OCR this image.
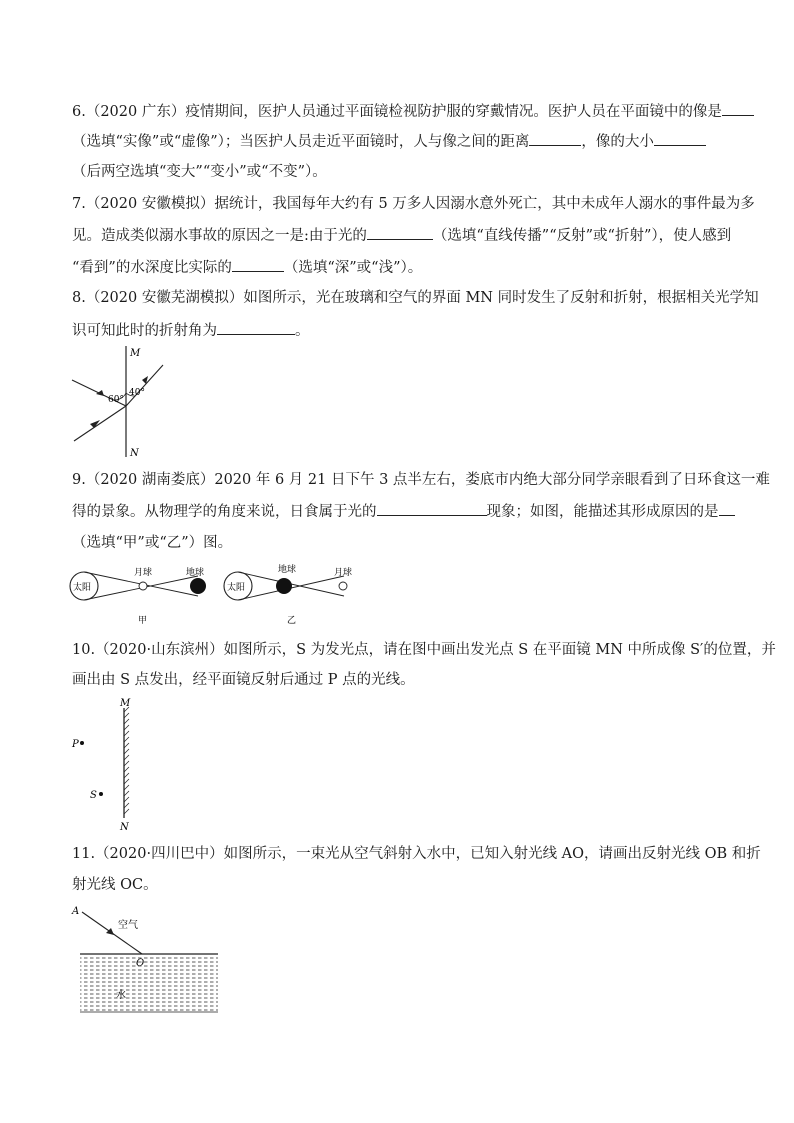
6.（2020 广东）疫情期间，医护人员通过平面镜检视防护服的穿戴情况。医护人员在平面镜中的像是
（选填“实像”或“虚像”）；当医护人员走近平面镜时，人与像之间的距离	，像的大小
（后两空选填“变大”“变小”或“不变”）。
7.（2020 安徽模拟）据统计，我国每年大约有 5 万多人因溺水意外死亡，其中未成年人溺水的事件最为多
见。造成类似溺水事故的原因之一是:由于光的	（选填“直线传播”“反射”或“折射”），使人感到
“看到”的水深度比实际的	（选填“深”或“浅”）。
8.（2020 安徽芜湖模拟）如图所示，光在玻璃和空气的界面 MN 同时发生了反射和折射，根据相关光学知
识可知此时的折射角为	。
M
N
60°
40°
9.（2020 湖南娄底）2020 年 6 月 21 日下午 3 点半左右，娄底市内绝大部分同学亲眼看到了日环食这一难
得的景象。从物理学的角度来说，日食属于光的	现象；如图，能描述其形成原因的是
（选填“甲”或“乙”）图。
太阳
月球	地球
甲
太阳
地球	月球
乙
10.（2020·山东滨州）如图所示，S 为发光点，请在图中画出发光点 S 在平面镜 MN 中所成像 S′的位置，并
画出由 S 点发出，经平面镜反射后通过 P 点的光线。
M
N
P
S
11.（2020·四川巴中）如图所示，一束光从空气斜射入水中，已知入射光线 AO，请画出反射光线 OB 和折
射光线 OC。
A
O
空气
水
